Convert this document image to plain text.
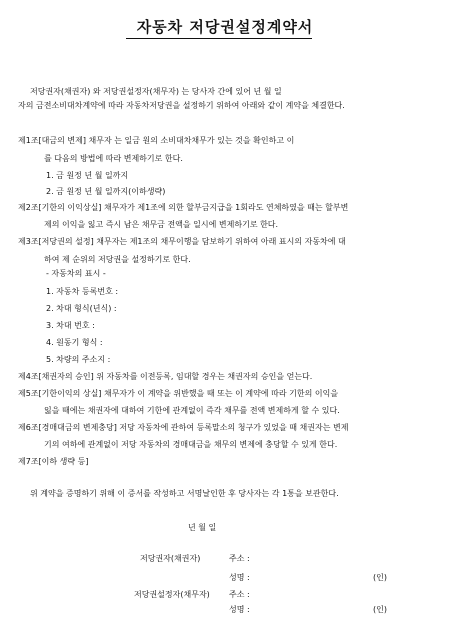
자동차 저당권설정계약서
저당권자(채권자) 와 저당권설정자(채무자) 는 당사자 간에 있어 년 월 일
자의 금전소비대차계약에 따라 자동차저당권을 설정하기 위하여 아래와 같이 계약을 체결한다.
제1조[대금의 변제] 채무자 는 일금 원의 소비대차채무가 있는 것을 확인하고 이
를 다음의 방법에 따라 변제하기로 한다.
1. 금 원정 년 월 일까지
2. 금 원정 년 월 일까지(이하생략)
제2조[기한의 이익상실] 채무자가 제1조에 의한 할부금지급을 1회라도 연체하였을 때는 할부변
제의 이익을 잃고 즉시 남은 채무금 전액을 일시에 변제하기로 한다.
제3조[저당권의 설정] 채무자는 제1조의 채무이행을 담보하기 위하여 아래 표시의 자동차에 대
하여 제 순위의 저당권을 설정하기로 한다.
- 자동차의 표시 -
1. 자동차 등록번호 :
2. 차대 형식(년식) :
3. 차대 번호 :
4. 원동기 형식 :
5. 차량의 주소지 :
제4조[채권자의 승인] 위 자동차를 이전등록, 임대할 경우는 채권자의 승인을 얻는다.
제5조[기한이익의 상실] 채무자가 이 계약을 위반했을 때 또는 이 계약에 따라 기한의 이익을
잃을 때에는 채권자에 대하여 기한에 관계없이 즉각 채무를 전액 변제하게 할 수 있다.
제6조[경매대금의 변제충당] 저당 자동차에 관하여 등록말소의 청구가 있었을 때 채권자는 변제
기의 여하에 관계없이 저당 자동차의 경매대금을 채무의 변제에 충당할 수 있게 한다.
제7조[이하 생략 등]
위 계약을 증명하기 위해 이 증서를 작성하고 서명날인한 후 당사자는 각 1통을 보관한다.
년 월 일
저당권자(채권자)	주소 :
성명 :	(인)
저당권설정자(채무자) 주소 :
성명 :	(인)
